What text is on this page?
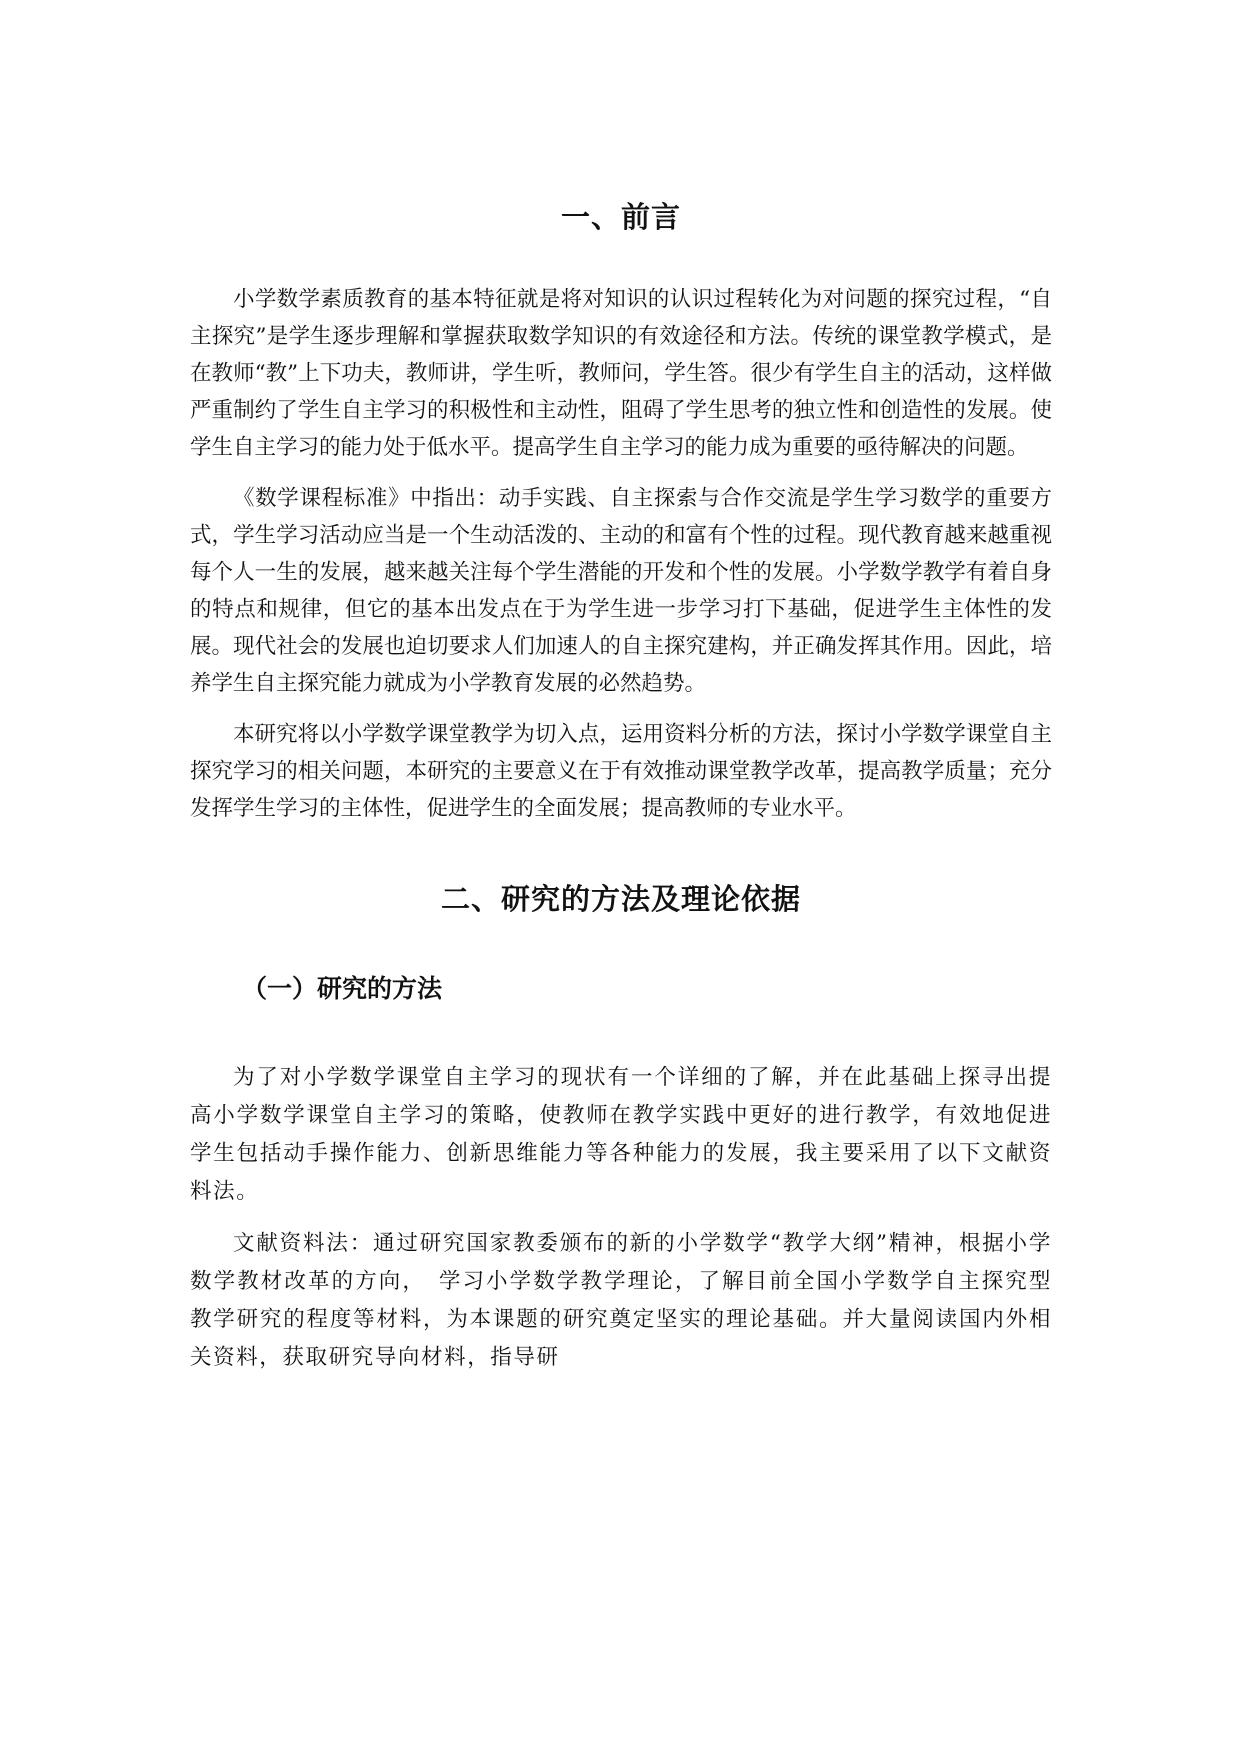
一、前言

小学数学素质教育的基本特征就是将对知识的认识过程转化为对问题的探究过程，“自主探究”是学生逐步理解和掌握获取数学知识的有效途径和方法。传统的课堂教学模式，是在教师“教”上下功夫，教师讲，学生听，教师问，学生答。很少有学生自主的活动，这样做严重制约了学生自主学习的积极性和主动性，阻碍了学生思考的独立性和创造性的发展。使学生自主学习的能力处于低水平。提高学生自主学习的能力成为重要的亟待解决的问题。

《数学课程标准》中指出：动手实践、自主探索与合作交流是学生学习数学的重要方式，学生学习活动应当是一个生动活泼的、主动的和富有个性的过程。现代教育越来越重视每个人一生的发展，越来越关注每个学生潜能的开发和个性的发展。小学数学教学有着自身的特点和规律，但它的基本出发点在于为学生进一步学习打下基础，促进学生主体性的发展。现代社会的发展也迫切要求人们加速人的自主探究建构，并正确发挥其作用。因此，培养学生自主探究能力就成为小学教育发展的必然趋势。

本研究将以小学数学课堂教学为切入点，运用资料分析的方法，探讨小学数学课堂自主探究学习的相关问题，本研究的主要意义在于有效推动课堂教学改革，提高教学质量；充分发挥学生学习的主体性，促进学生的全面发展；提高教师的专业水平。

二、研究的方法及理论依据
（一）研究的方法

为了对小学数学课堂自主学习的现状有一个详细的了解，并在此基础上探寻出提高小学数学课堂自主学习的策略，使教师在教学实践中更好的进行教学，有效地促进学生包括动手操作能力、创新思维能力等各种能力的发展，我主要采用了以下文献资料法。

文献资料法：通过研究国家教委颁布的新的小学数学“教学大纲”精神，根据小学数学教材改革的方向，　学习小学数学教学理论，了解目前全国小学数学自主探究型教学研究的程度等材料，为本课题的研究奠定坚实的理论基础。并大量阅读国内外相关资料，获取研究导向材料，指导研
